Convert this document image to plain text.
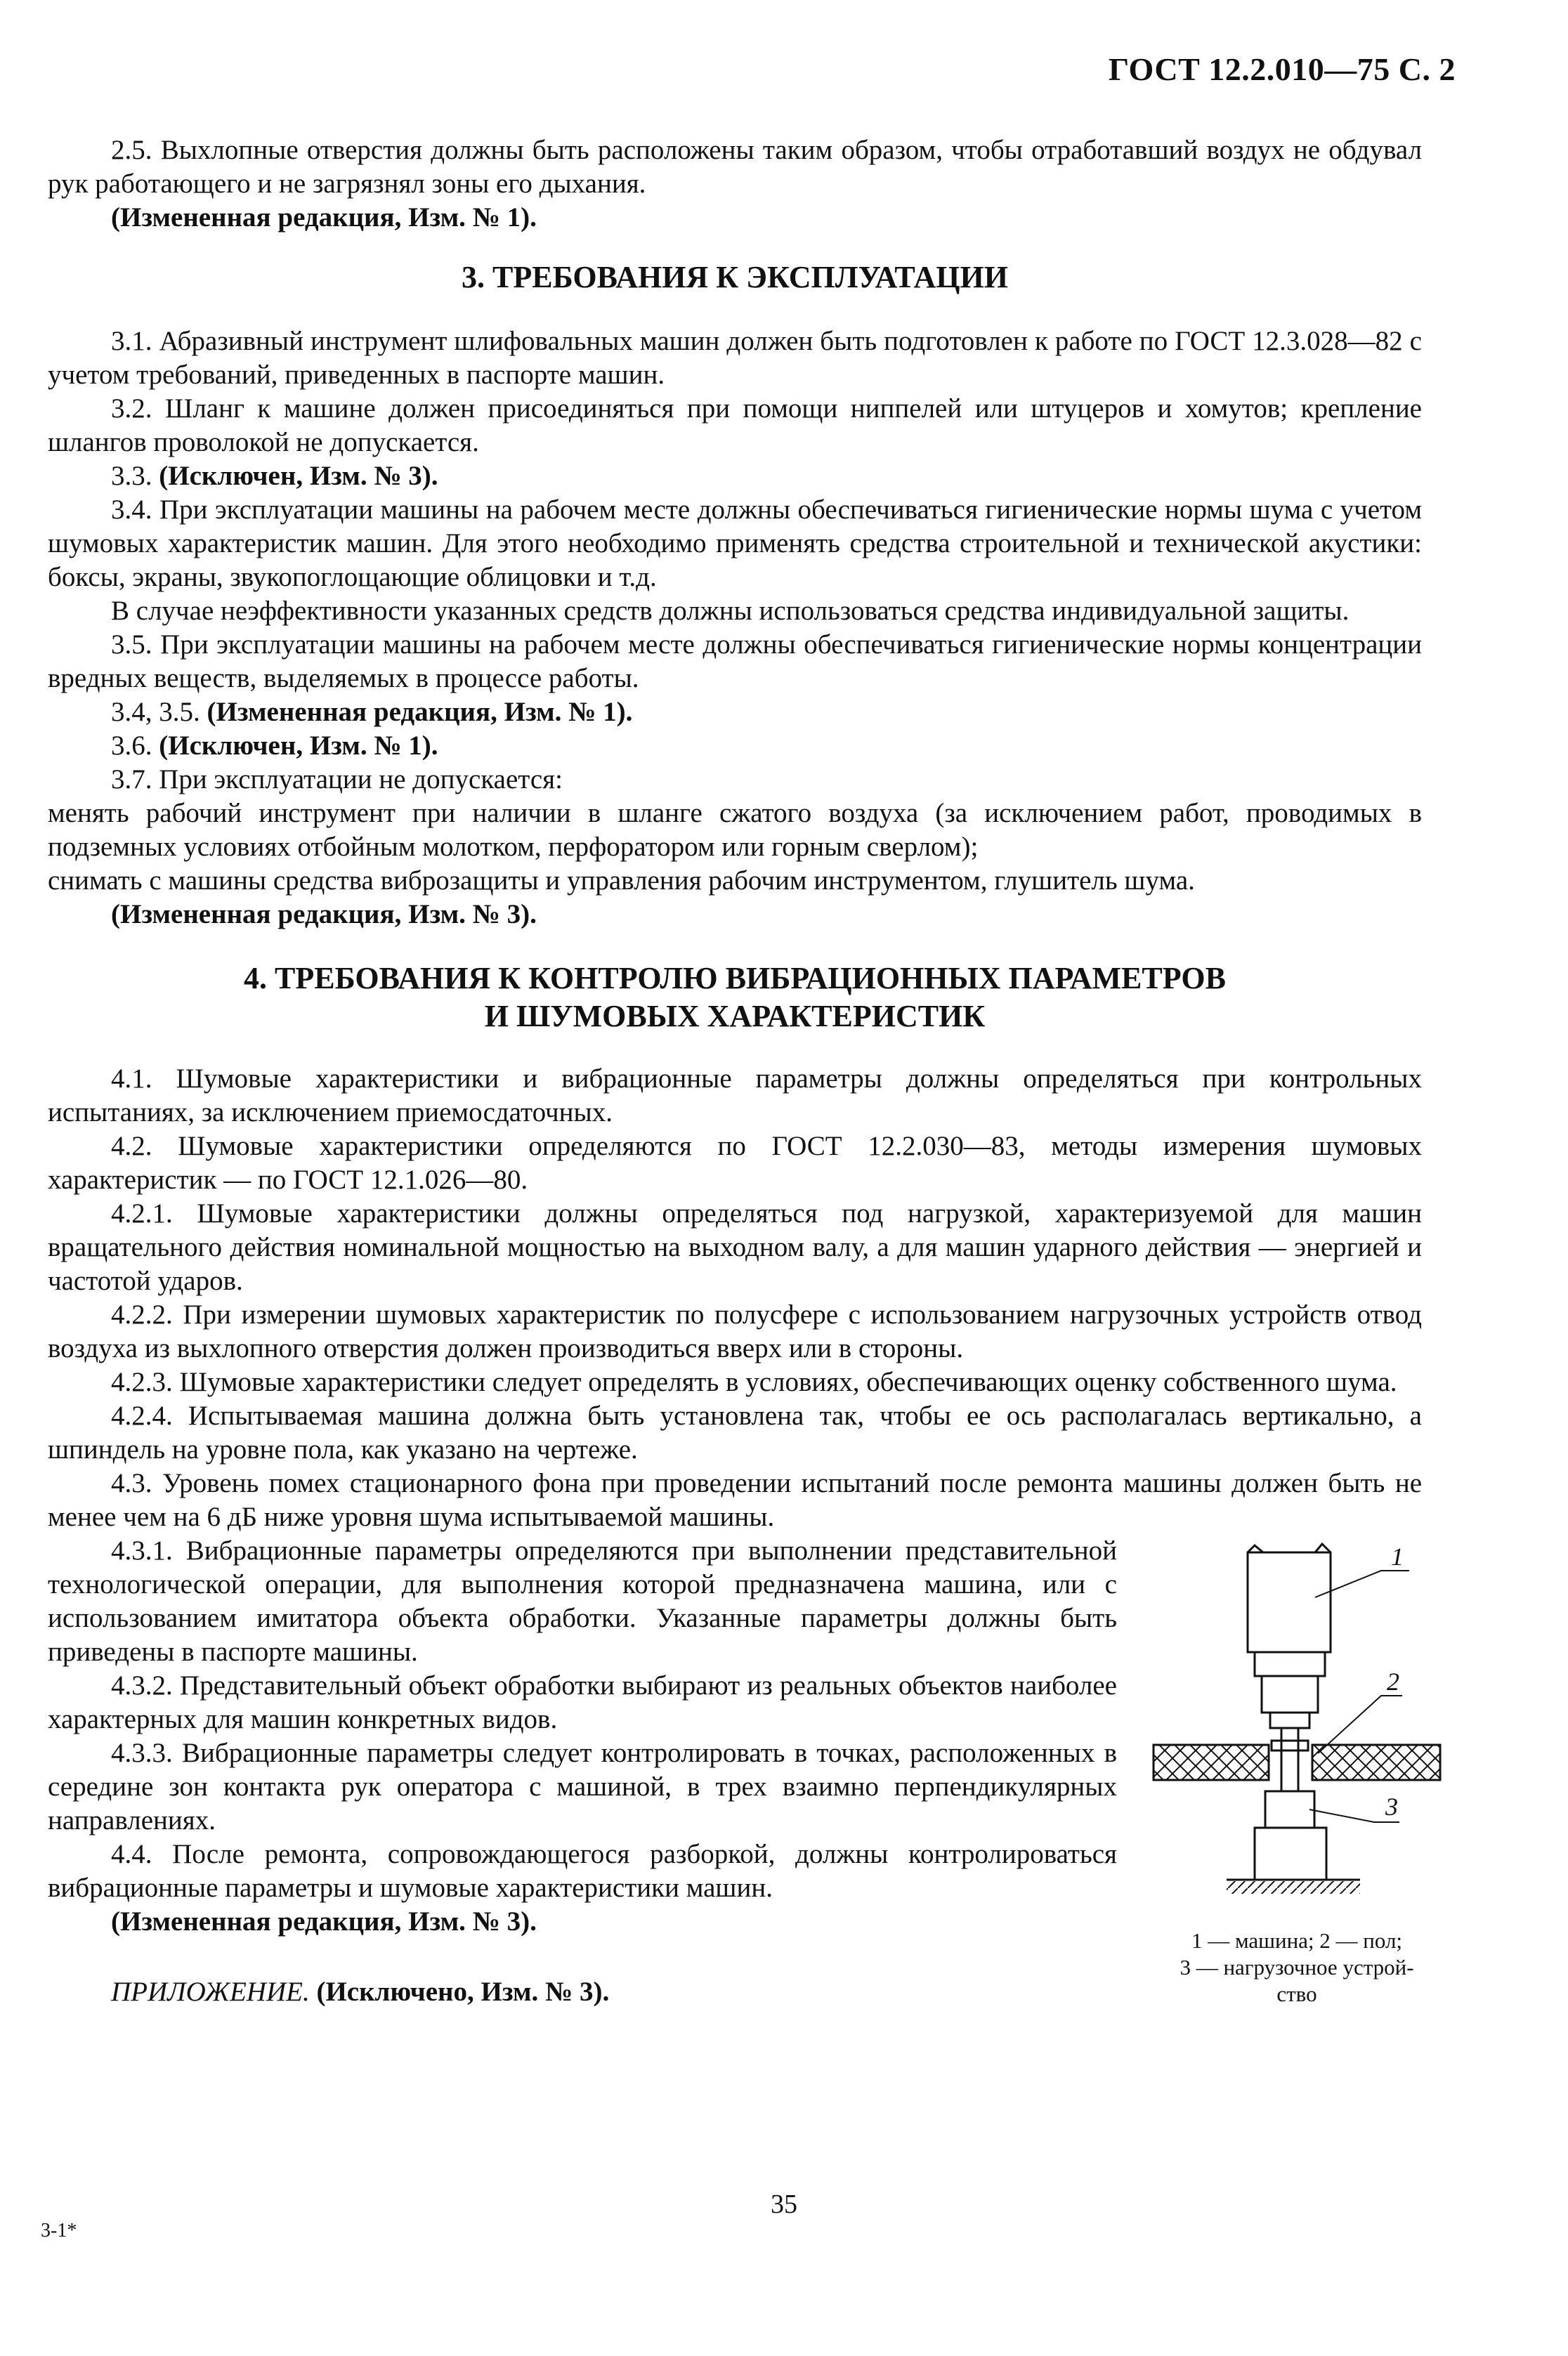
ГОСТ 12.2.010—75 С. 2

2.5. Выхлопные отверстия должны быть расположены таким образом, чтобы отработавший воздух не обдувал рук работающего и не загрязнял зоны его дыхания.

(Измененная редакция, Изм. № 1).

3. ТРЕБОВАНИЯ К ЭКСПЛУАТАЦИИ

3.1. Абразивный инструмент шлифовальных машин должен быть подготовлен к работе по ГОСТ 12.3.028—82 с учетом требований, приведенных в паспорте машин.

3.2. Шланг к машине должен присоединяться при помощи ниппелей или штуцеров и хомутов; крепление шлангов проволокой не допускается.

3.3. (Исключен, Изм. № 3).

3.4. При эксплуатации машины на рабочем месте должны обеспечиваться гигиенические нормы шума с учетом шумовых характеристик машин. Для этого необходимо применять средства строительной и технической акустики: боксы, экраны, звукопоглощающие облицовки и т.д.

В случае неэффективности указанных средств должны использоваться средства индивидуальной защиты.

3.5. При эксплуатации машины на рабочем месте должны обеспечиваться гигиенические нормы концентрации вредных веществ, выделяемых в процессе работы.

3.4, 3.5. (Измененная редакция, Изм. № 1).

3.6. (Исключен, Изм. № 1).

3.7. При эксплуатации не допускается:

менять рабочий инструмент при наличии в шланге сжатого воздуха (за исключением работ, проводимых в подземных условиях отбойным молотком, перфоратором или горным сверлом);

снимать с машины средства виброзащиты и управления рабочим инструментом, глушитель шума.

(Измененная редакция, Изм. № 3).

4. ТРЕБОВАНИЯ К КОНТРОЛЮ ВИБРАЦИОННЫХ ПАРАМЕТРОВ
И ШУМОВЫХ ХАРАКТЕРИСТИК

4.1. Шумовые характеристики и вибрационные параметры должны определяться при контрольных испытаниях, за исключением приемосдаточных.

4.2. Шумовые характеристики определяются по ГОСТ 12.2.030—83, методы измерения шумовых характеристик — по ГОСТ 12.1.026—80.

4.2.1. Шумовые характеристики должны определяться под нагрузкой, характеризуемой для машин вращательного действия номинальной мощностью на выходном валу, а для машин ударного действия — энергией и частотой ударов.

4.2.2. При измерении шумовых характеристик по полусфере с использованием нагрузочных устройств отвод воздуха из выхлопного отверстия должен производиться вверх или в стороны.

4.2.3. Шумовые характеристики следует определять в условиях, обеспечивающих оценку собственного шума.

4.2.4. Испытываемая машина должна быть установлена так, чтобы ее ось располагалась вертикально, а шпиндель на уровне пола, как указано на чертеже.

4.3. Уровень помех стационарного фона при проведении испытаний после ремонта машины должен быть не менее чем на 6 дБ ниже уровня шума испытываемой машины.

4.3.1. Вибрационные параметры определяются при выполнении представительной технологической операции, для выполнения которой предназначена машина, или с использованием имитатора объекта обработки. Указанные параметры должны быть приведены в паспорте машины.

4.3.2. Представительный объект обработки выбирают из реальных объектов наиболее характерных для машин конкретных видов.

4.3.3. Вибрационные параметры следует контролировать в точках, расположенных в середине зон контакта рук оператора с машиной, в трех взаимно перпендикулярных направлениях.

4.4. После ремонта, сопровождающегося разборкой, должны контролироваться вибрационные параметры и шумовые характеристики машин.

(Измененная редакция, Изм. № 3).

ПРИЛОЖЕНИЕ. (Исключено, Изм. № 3).

1
2
3
1 — машина; 2 — пол;
3 — нагрузочное устрой-
ство
35
3-1*
